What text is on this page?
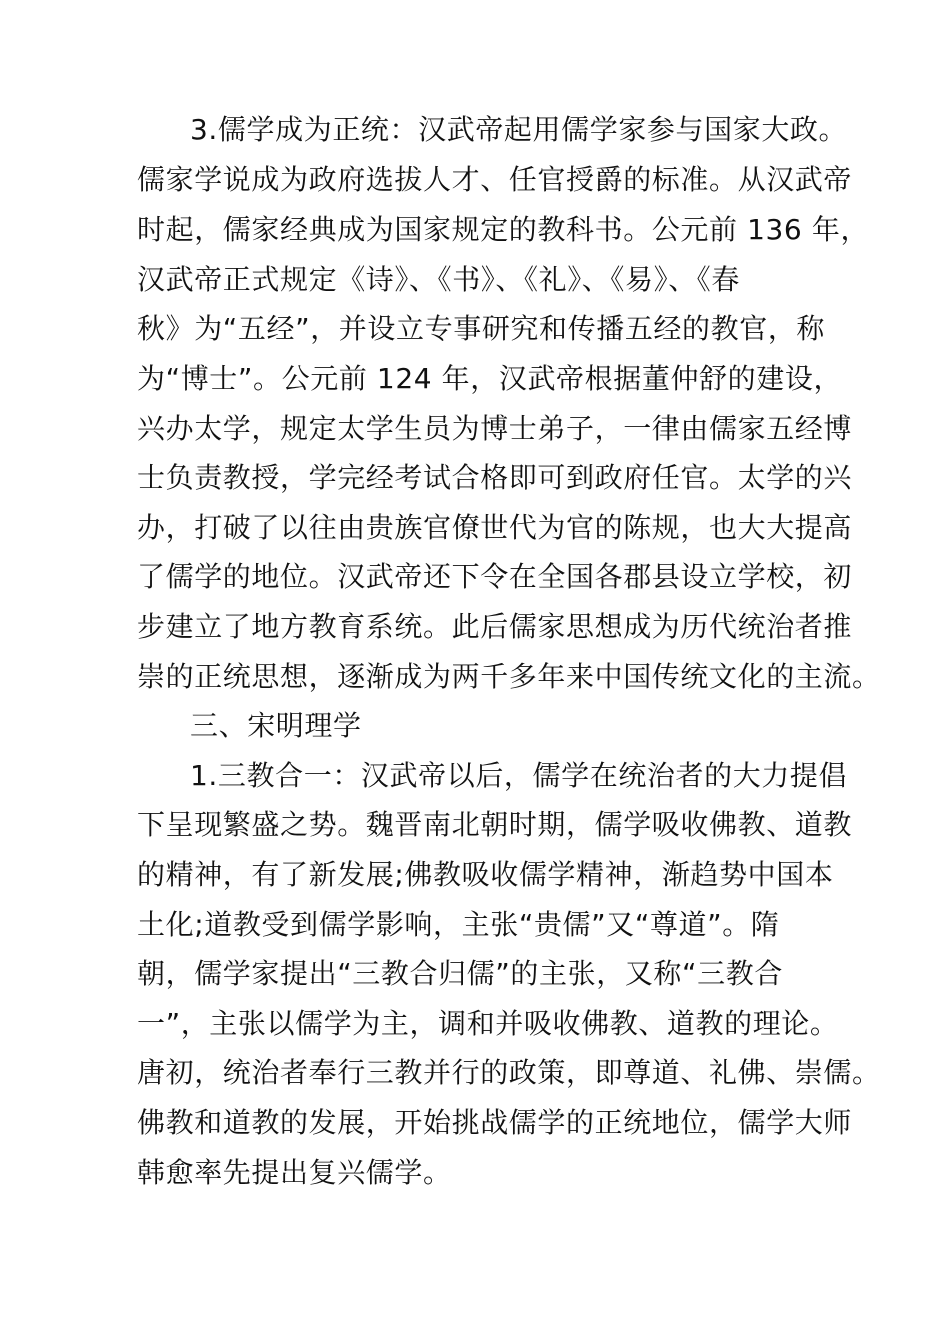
3.儒学成为正统：汉武帝起用儒学家参与国家大政。
儒家学说成为政府选拔人才、任官授爵的标准。从汉武帝
时起，儒家经典成为国家规定的教科书。公元前 136 年，
汉武帝正式规定《诗》、《书》、《礼》、《易》、《春
秋》为“五经”，并设立专事研究和传播五经的教官，称
为“博士”。公元前 124 年，汉武帝根据董仲舒的建设，
兴办太学，规定太学生员为博士弟子，一律由儒家五经博
士负责教授，学完经考试合格即可到政府任官。太学的兴
办，打破了以往由贵族官僚世代为官的陈规，也大大提高
了儒学的地位。汉武帝还下令在全国各郡县设立学校，初
步建立了地方教育系统。此后儒家思想成为历代统治者推
崇的正统思想，逐渐成为两千多年来中国传统文化的主流。
三、宋明理学
1.三教合一：汉武帝以后，儒学在统治者的大力提倡
下呈现繁盛之势。魏晋南北朝时期，儒学吸收佛教、道教
的精神，有了新发展;佛教吸收儒学精神，渐趋势中国本
土化;道教受到儒学影响，主张“贵儒”又“尊道”。隋
朝，儒学家提出“三教合归儒”的主张，又称“三教合
一”，主张以儒学为主，调和并吸收佛教、道教的理论。
唐初，统治者奉行三教并行的政策，即尊道、礼佛、崇儒。
佛教和道教的发展，开始挑战儒学的正统地位，儒学大师
韩愈率先提出复兴儒学。
